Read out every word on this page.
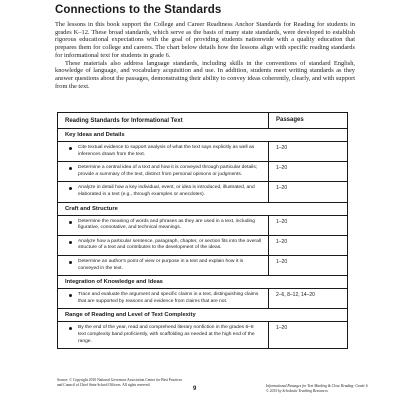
Connections to the Standards

The lessons in this book support the College and Career Readiness Anchor Standards for Reading for students in grades K–12. These broad standards, which serve as the basis of many state standards, were developed to establish rigorous educational expectations with the goal of providing students nationwide with a quality education that prepares them for college and careers. The chart below details how the lessons align with specific reading standards for informational text for students in grade 6.

These materials also address language standards, including skills in the conventions of standard English, knowledge of language, and vocabulary acquisition and use. In addition, students meet writing standards as they answer questions about the passages, demonstrating their ability to convey ideas coherently, clearly, and with support from the text.

Reading Standards for Informational Text	Passages
Key Ideas and Details
Cite textual evidence to support analysis of what the text says explicitly as well as inferences drawn from the text.
1–20
Determine a central idea of a text and how it is conveyed through particular details; provide a summary of the text, distinct from personal opinions or judgments.
1–20
Analyze in detail how a key individual, event, or idea is introduced, illustrated, and elaborated in a text (e.g., through examples or anecdotes).
1–20
Craft and Structure
Determine the meaning of words and phrases as they are used in a text, including figurative, connotative, and technical meanings.
1–20
Analyze how a particular sentence, paragraph, chapter, or section fits into the overall structure of a text and contributes to the development of the ideas.
1–20
Determine an author's point of view or purpose in a text and explain how it is conveyed in the text.
1–20
Integration of Knowledge and Ideas
Trace and evaluate the argument and specific claims in a text, distinguishing claims that are supported by reasons and evidence from claims that are not.
2–6, 8–12, 14–20
Range of Reading and Level of Text Complexity
By the end of the year, read and comprehend literary nonfiction in the grades 6–8 text complexity band proficiently, with scaffolding as needed at the high end of the range.
1–20
Source: © Copyright 2010 National Governors Association Center for Best Practices and Council of Chief State School Officers. All rights reserved.
9	Informational Passages for Text Marking & Close Reading: Grade 6
© 2015 by Scholastic Teaching Resources
